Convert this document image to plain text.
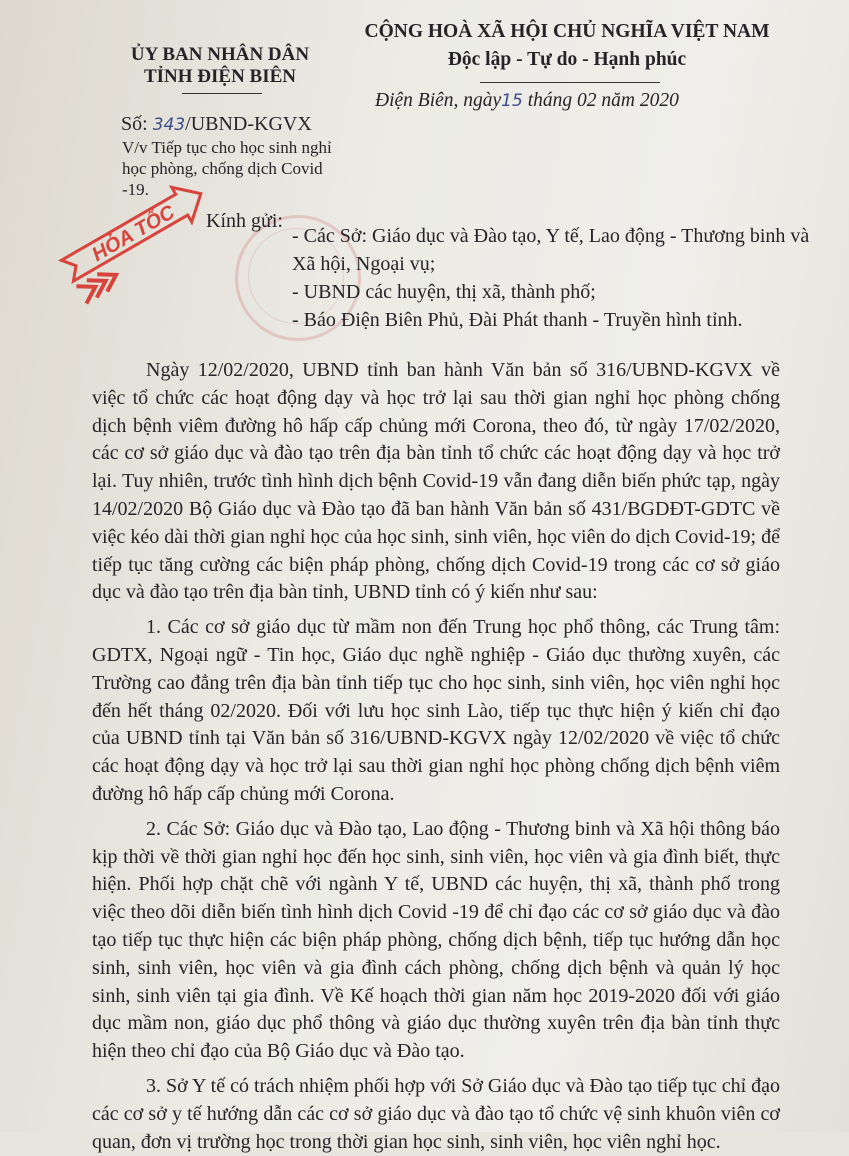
ỦY BAN NHÂN DÂN
TỈNH ĐIỆN BIÊN
CỘNG HOÀ XÃ HỘI CHỦ NGHĨA VIỆT NAM
Độc lập - Tự do - Hạnh phúc
Điện Biên, ngày15 tháng 02 năm 2020
Số: 343/UBND-KGVX
V/v Tiếp tục cho học sinh nghỉ học phòng, chống dịch Covid -19.
HỎA TỐC Kính gửi:

- Các Sở: Giáo dục và Đào tạo, Y tế, Lao động - Thương binh và Xã hội, Ngoại vụ;

- UBND các huyện, thị xã, thành phố;

- Báo Điện Biên Phủ, Đài Phát thanh - Truyền hình tỉnh.

Ngày 12/02/2020, UBND tỉnh ban hành Văn bản số 316/UBND-KGVX về việc tổ chức các hoạt động dạy và học trở lại sau thời gian nghỉ học phòng chống dịch bệnh viêm đường hô hấp cấp chủng mới Corona, theo đó, từ ngày 17/02/2020, các cơ sở giáo dục và đào tạo trên địa bàn tỉnh tổ chức các hoạt động dạy và học trở lại. Tuy nhiên, trước tình hình dịch bệnh Covid-19 vẫn đang diễn biến phức tạp, ngày 14/02/2020 Bộ Giáo dục và Đào tạo đã ban hành Văn bản số 431/BGDĐT-GDTC về việc kéo dài thời gian nghỉ học của học sinh, sinh viên, học viên do dịch Covid-19; để tiếp tục tăng cường các biện pháp phòng, chống dịch Covid-19 trong các cơ sở giáo dục và đào tạo trên địa bàn tỉnh, UBND tỉnh có ý kiến như sau:

1. Các cơ sở giáo dục từ mầm non đến Trung học phổ thông, các Trung tâm: GDTX, Ngoại ngữ - Tin học, Giáo dục nghề nghiệp - Giáo dục thường xuyên, các Trường cao đẳng trên địa bàn tỉnh tiếp tục cho học sinh, sinh viên, học viên nghỉ học đến hết tháng 02/2020. Đối với lưu học sinh Lào, tiếp tục thực hiện ý kiến chỉ đạo của UBND tỉnh tại Văn bản số 316/UBND-KGVX ngày 12/02/2020 về việc tổ chức các hoạt động dạy và học trở lại sau thời gian nghỉ học phòng chống dịch bệnh viêm đường hô hấp cấp chủng mới Corona.

2. Các Sở: Giáo dục và Đào tạo, Lao động - Thương binh và Xã hội thông báo kịp thời về thời gian nghỉ học đến học sinh, sinh viên, học viên và gia đình biết, thực hiện. Phối hợp chặt chẽ với ngành Y tế, UBND các huyện, thị xã, thành phố trong việc theo dõi diễn biến tình hình dịch Covid -19 để chỉ đạo các cơ sở giáo dục và đào tạo tiếp tục thực hiện các biện pháp phòng, chống dịch bệnh, tiếp tục hướng dẫn học sinh, sinh viên, học viên và gia đình cách phòng, chống dịch bệnh và quản lý học sinh, sinh viên tại gia đình. Về Kế hoạch thời gian năm học 2019-2020 đối với giáo dục mầm non, giáo dục phổ thông và giáo dục thường xuyên trên địa bàn tỉnh thực hiện theo chỉ đạo của Bộ Giáo dục và Đào tạo.

3. Sở Y tế có trách nhiệm phối hợp với Sở Giáo dục và Đào tạo tiếp tục chỉ đạo các cơ sở y tế hướng dẫn các cơ sở giáo dục và đào tạo tổ chức vệ sinh khuôn viên cơ quan, đơn vị trường học trong thời gian học sinh, sinh viên, học viên nghỉ học.
